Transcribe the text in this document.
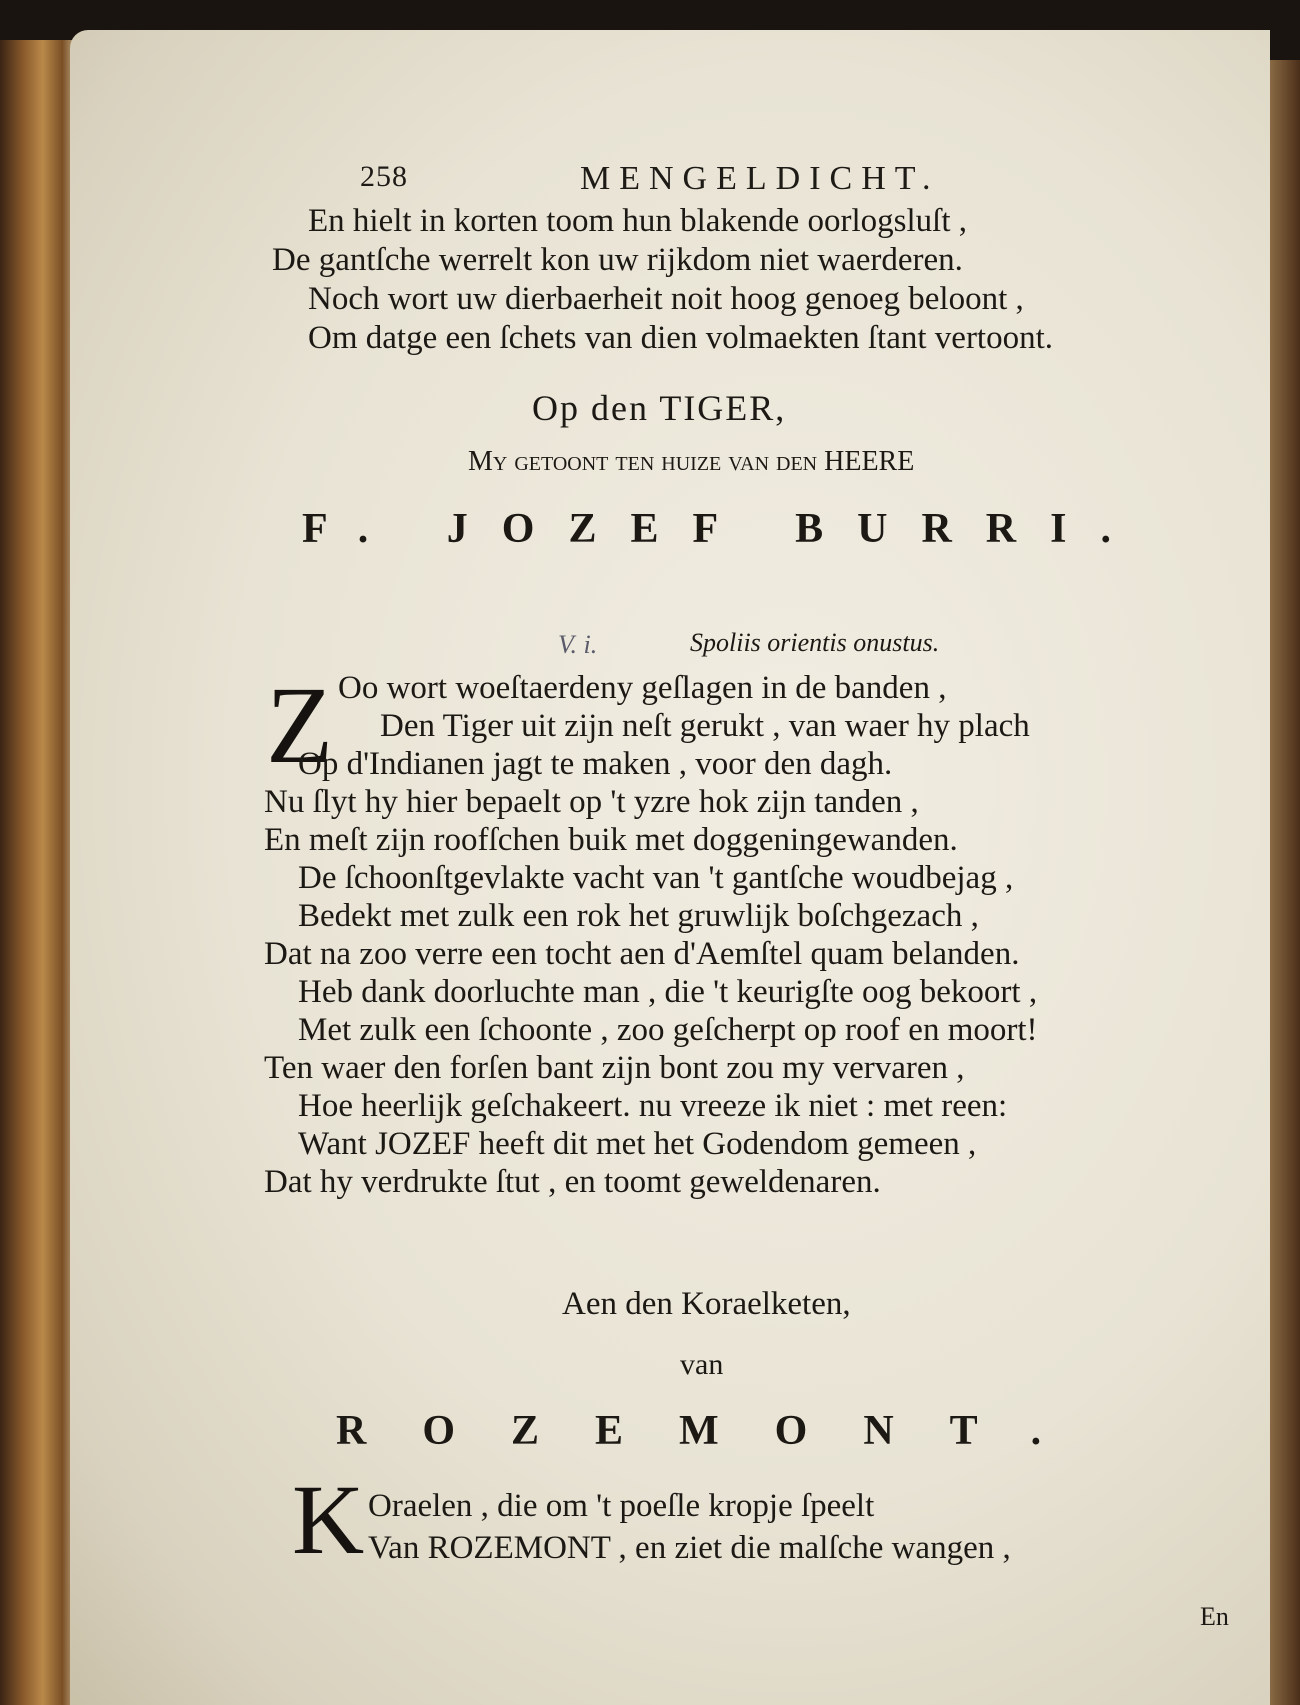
258	MENGELDICHT.
En hielt in korten toom hun blakende oorlogsluſt ,
De gantſche werrelt kon uw rijkdom niet waerderen.
Noch wort uw dierbaerheit noit hoog genoeg beloont ,
Om datge een ſchets van dien volmaekten ſtant vertoont.
Op den TIGER,
My getoont ten huize van den HEERE
F. JOZEF BURRI.
V. i.	Spoliis orientis onustus.
Z Oo wort woeſtaerdeny geſlagen in de banden ,
Den Tiger uit zijn neſt gerukt , van waer hy plach
Op d'Indianen jagt te maken , voor den dagh.
Nu ſlyt hy hier bepaelt op 't yzre hok zijn tanden ,
En meſt zijn roofſchen buik met doggeningewanden.
De ſchoonſtgevlakte vacht van 't gantſche woudbejag ,
Bedekt met zulk een rok het gruwlijk boſchgezach ,
Dat na zoo verre een tocht aen d'Aemſtel quam belanden.
Heb dank doorluchte man , die 't keurigſte oog bekoort ,
Met zulk een ſchoonte , zoo geſcherpt op roof en moort!
Ten waer den forſen bant zijn bont zou my vervaren ,
Hoe heerlijk geſchakeert. nu vreeze ik niet : met reen:
Want JOZEF heeft dit met het Godendom gemeen ,
Dat hy verdrukte ſtut , en toomt geweldenaren.
Aen den Koraelketen,
van
ROZEMONT.
K Oraelen , die om 't poeſle kropje ſpeelt
Van ROZEMONT , en ziet die malſche wangen ,
En
